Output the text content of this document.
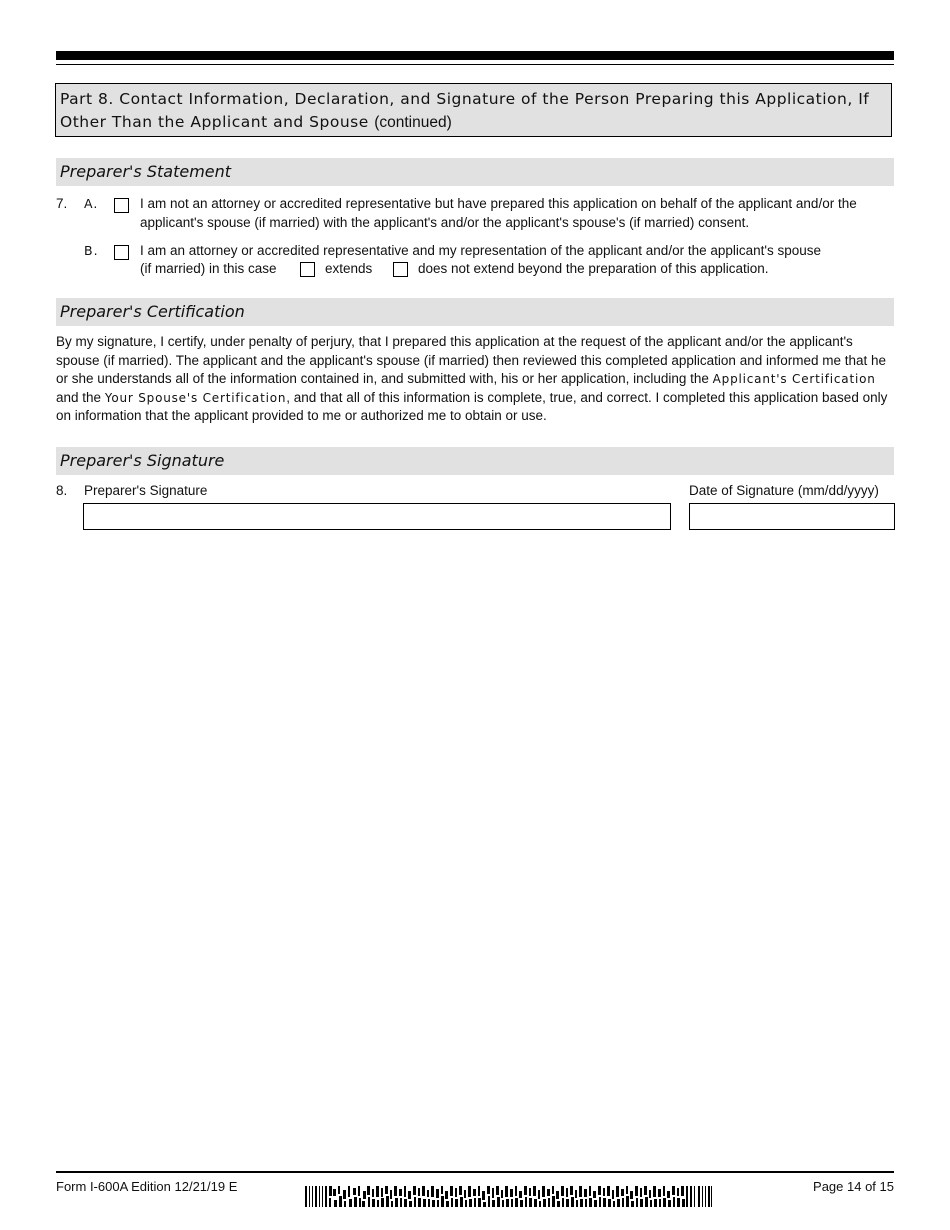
Part 8. Contact Information, Declaration, and Signature of the Person Preparing this Application, If Other Than the Applicant and Spouse (continued)
Preparer's Statement
7. A.	I am not an attorney or accredited representative but have prepared this application on behalf of the applicant and/or the applicant's spouse (if married) with the applicant's and/or the applicant's spouse's (if married) consent.
B.	I am an attorney or accredited representative and my representation of the applicant and/or the applicant's spouse
(if married) in this case	extends	does not extend beyond the preparation of this application.
Preparer's Certification
By my signature, I certify, under penalty of perjury, that I prepared this application at the request of the applicant and/or the applicant's spouse (if married). The applicant and the applicant's spouse (if married) then reviewed this completed application and informed me that he or she understands all of the information contained in, and submitted with, his or her application, including the Applicant's Certification and the Your Spouse's Certification, and that all of this information is complete, true, and correct. I completed this application based only on information that the applicant provided to me or authorized me to obtain or use.
Preparer's Signature
8. Preparer's Signature	Date of Signature (mm/dd/yyyy)
Form I-600A Edition 12/21/19 E	Page 14 of 15
